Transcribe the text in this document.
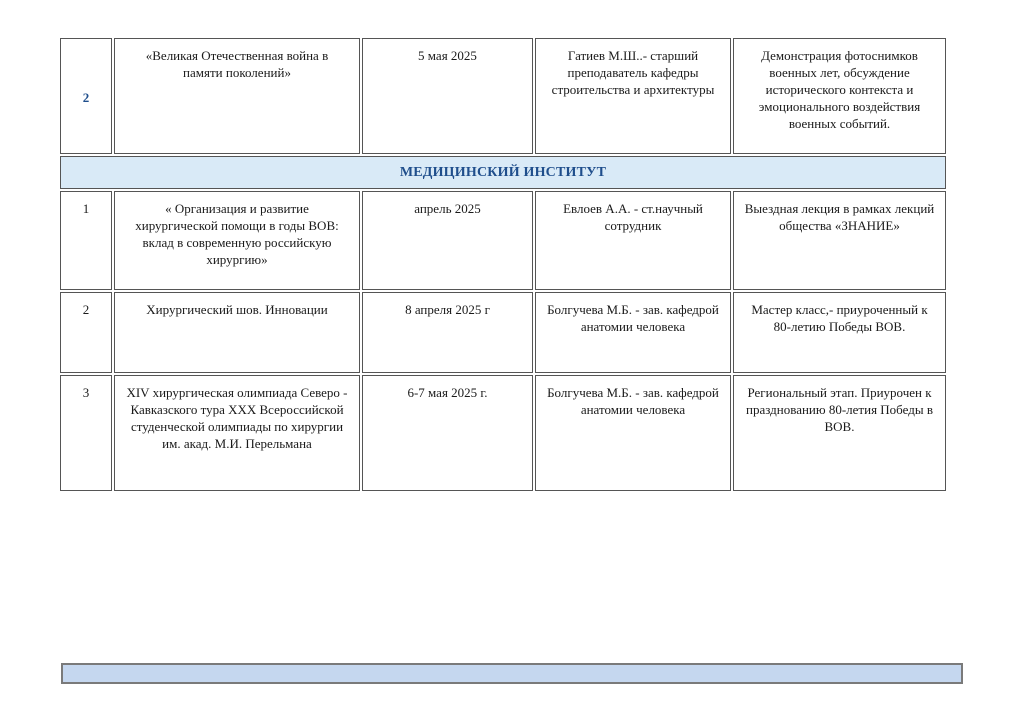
2	«Великая Отечественная война в памяти поколений»	5 мая 2025	Гатиев М.Ш..- старший преподаватель кафедры строительства и архитектуры	Демонстрация фотоснимков военных лет, обсуждение исторического контекста и эмоционального воздействия военных событий.
МЕДИЦИНСКИЙ ИНСТИТУТ				
1	« Организация и развитие хирургической помощи в годы ВОВ: вклад в современную российскую хирургию»	апрель 2025	Евлоев А.А. - ст.научный сотрудник	Выездная лекция в рамках лекций общества «ЗНАНИЕ»
2	Хирургический шов. Инновации	8 апреля 2025 г	Болгучева М.Б. - зав. кафедрой анатомии человека	Мастер класс,- приуроченный к 80-летию Победы ВОВ.
3	XIV хирургическая олимпиада Северо - Кавказского тура XXX Всероссийской студенческой олимпиады по хирургии им. акад. М.И. Перельмана	6-7 мая 2025 г.	Болгучева М.Б. - зав. кафедрой анатомии человека	Региональный этап. Приурочен к празднованию 80-летия Победы в ВОВ.
